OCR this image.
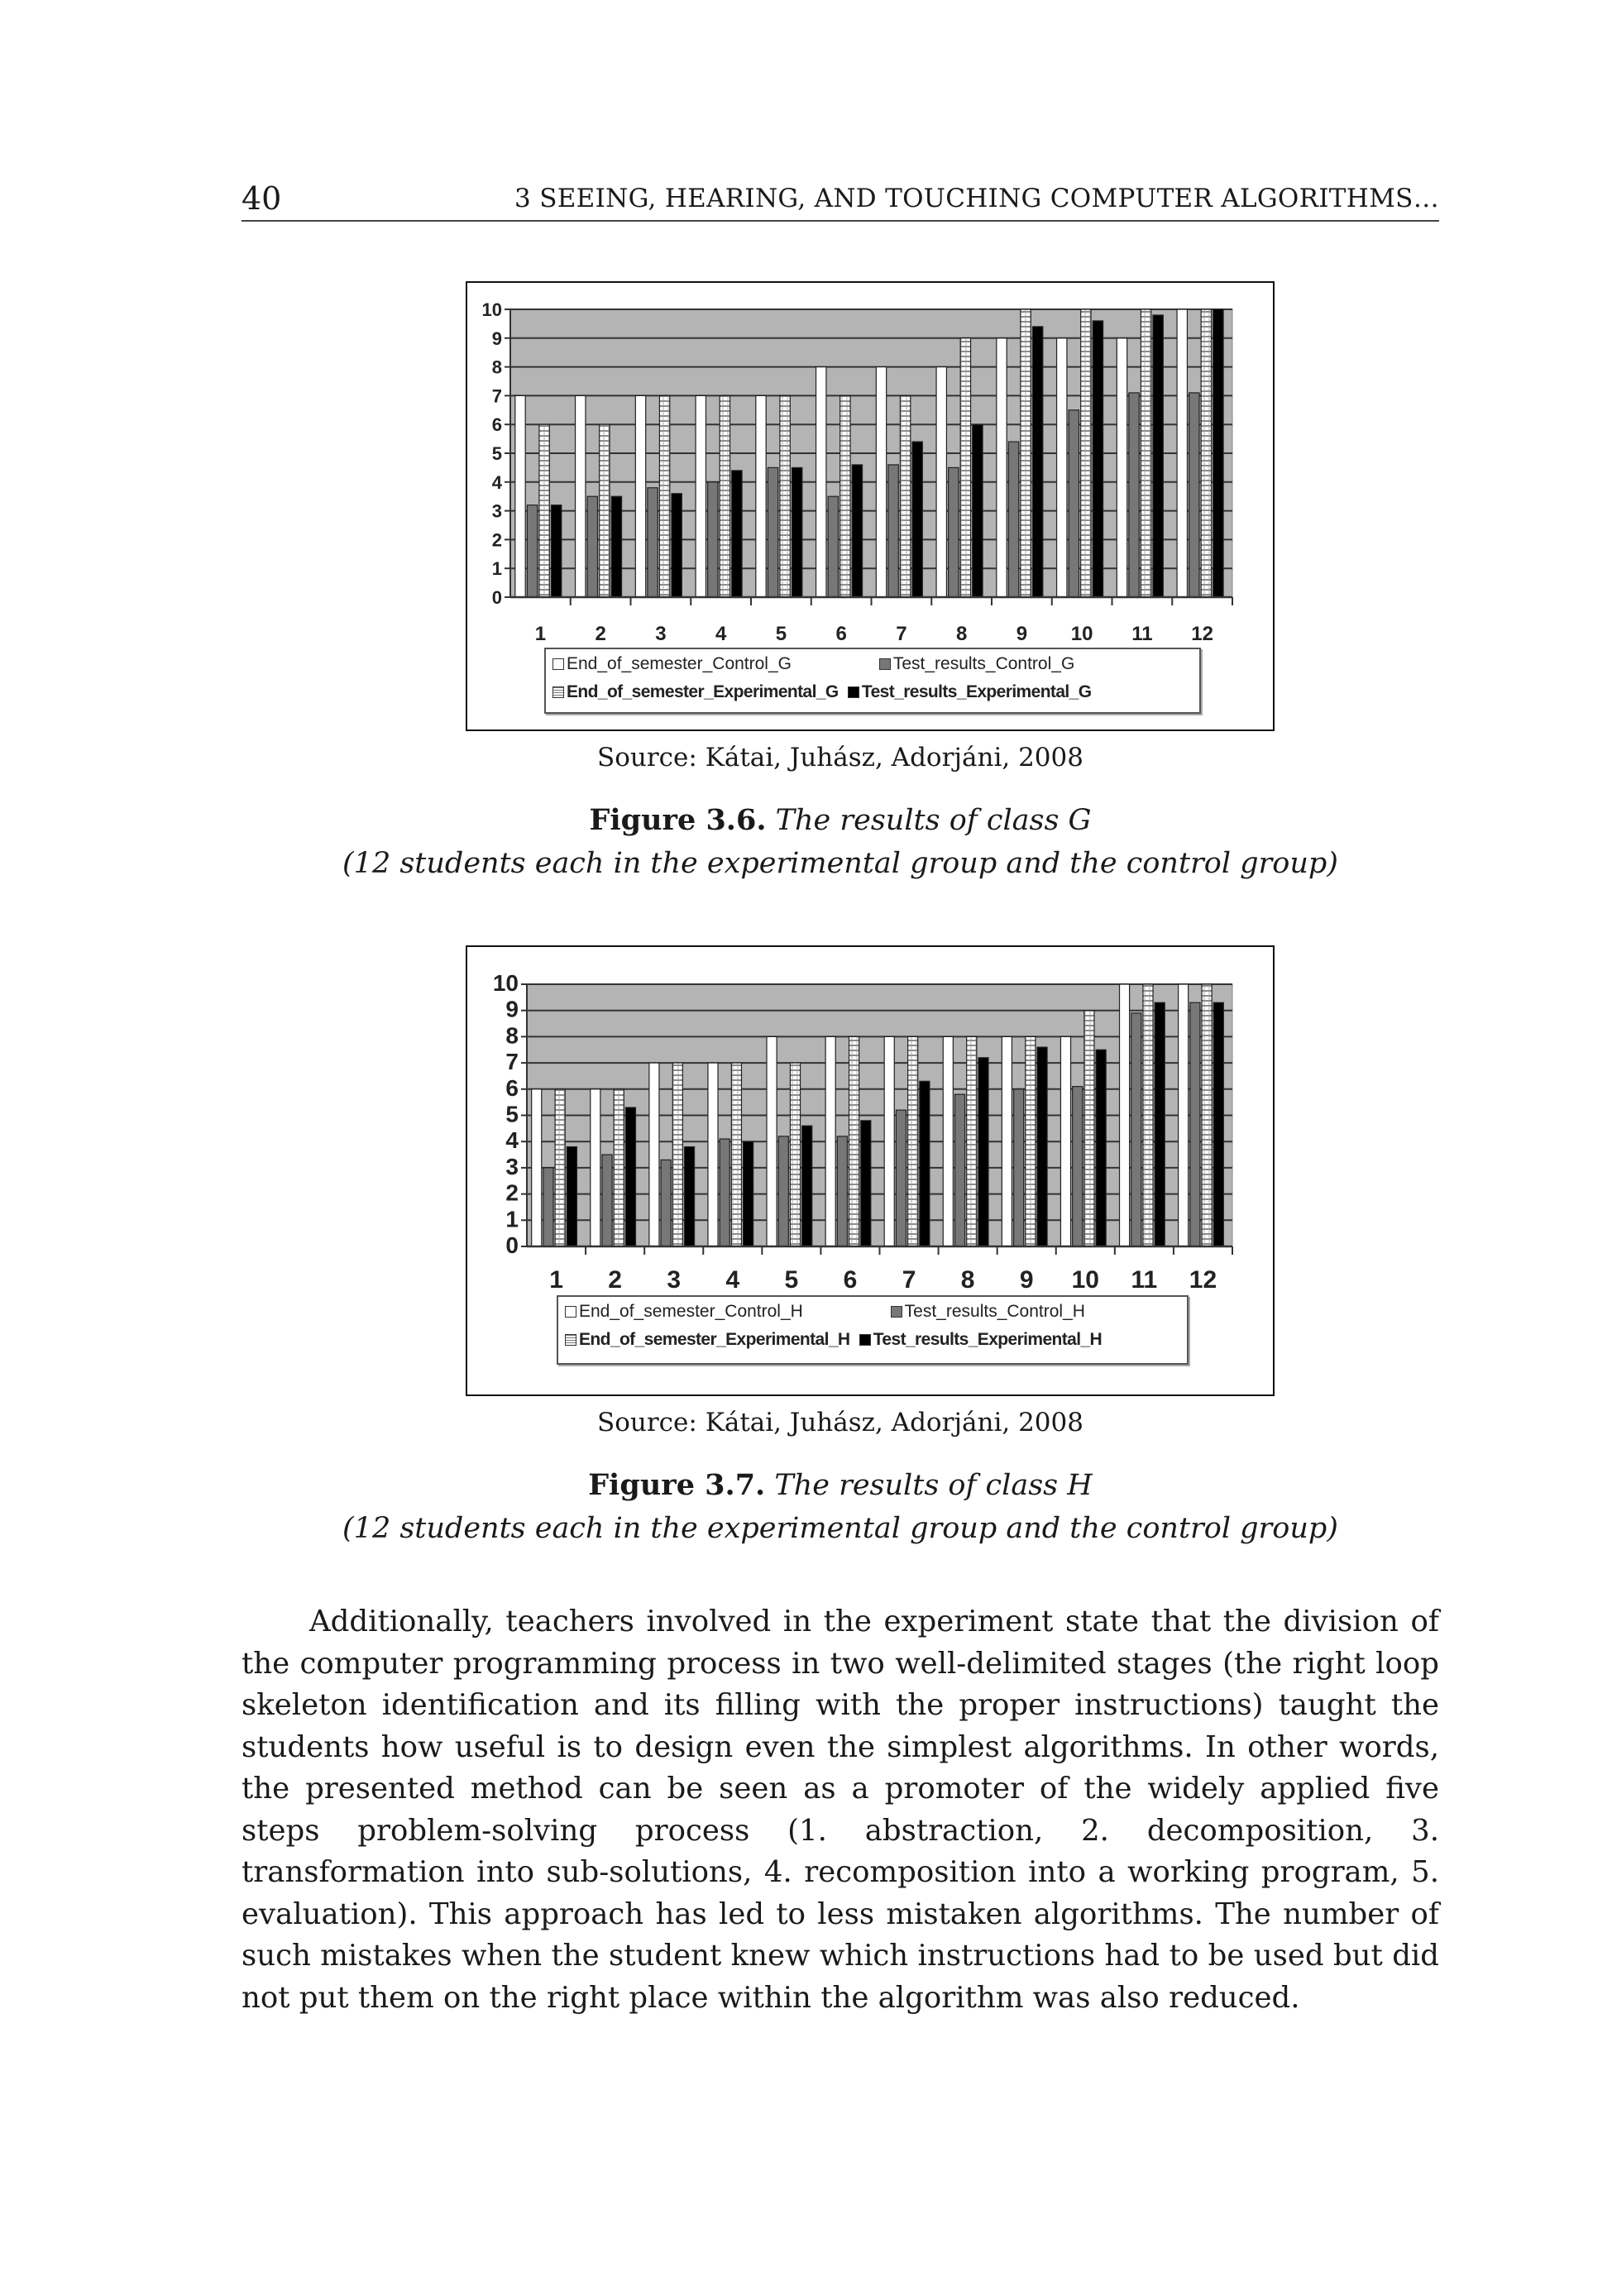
40	3 SEEING, HEARING, AND TOUCHING COMPUTER ALGORITHMS…
0
1
2
3
4
5
6
7
8
9
10
1 2 3 4 5 6 7 8 9 10 11 12
End_of_semester_Control_G	Test_results_Control_G
End_of_semester_Experimental_G Test_results_Experimental_G
Source: Kátai, Juhász, Adorjáni, 2008
Figure 3.6. The results of class G
(12 students each in the experimental group and the control group)
0
1
2
3
4
5
6
7
8
9
10
1 2 3 4 5 6 7 8 9 10 11 12
End_of_semester_Control_H	Test_results_Control_H
End_of_semester_Experimental_H Test_results_Experimental_H
Source: Kátai, Juhász, Adorjáni, 2008
Figure 3.7. The results of class H
(12 students each in the experimental group and the control group)

Additionally, teachers involved in the experiment state that the division of the computer programming process in two well-delimited stages (the right loop skeleton identification and its filling with the proper instructions) taught the students how useful is to design even the simplest algorithms. In other words, the presented method can be seen as a promoter of the widely applied five steps problem-solving process (1. abstraction, 2. decomposition, 3. transformation into sub-solutions, 4. recomposition into a working program, 5. evaluation). This approach has led to less mistaken algorithms. The number of such mistakes when the student knew which instructions had to be used but did not put them on the right place within the algorithm was also reduced.
